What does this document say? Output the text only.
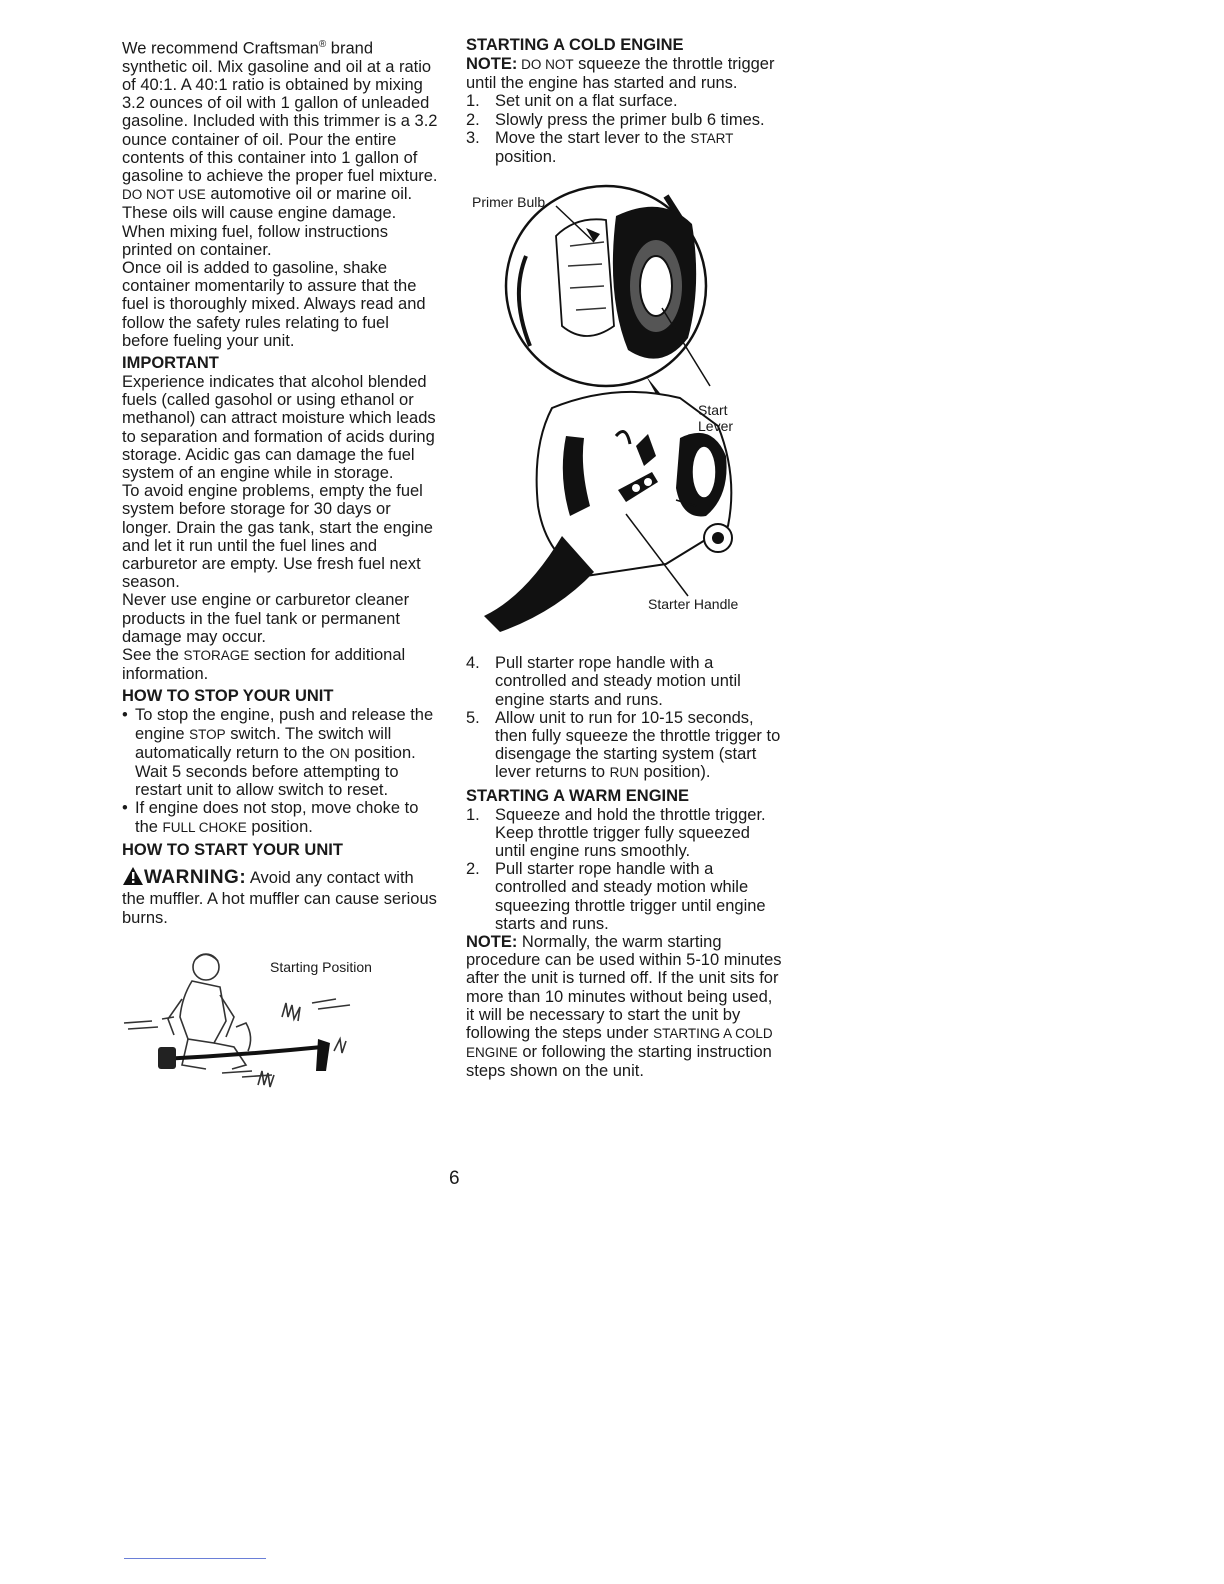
We recommend Craftsman® brand synthetic oil. Mix gasoline and oil at a ratio of 40:1. A 40:1 ratio is obtained by mixing 3.2 ounces of oil with 1 gallon of unleaded gasoline. Included with this trimmer is a 3.2 ounce container of oil. Pour the entire contents of this container into 1 gallon of gasoline to achieve the proper fuel mixture. DO NOT USE automotive oil or marine oil. These oils will cause engine damage. When mixing fuel, follow instructions printed on container.

Once oil is added to gasoline, shake container momentarily to assure that the fuel is thoroughly mixed. Always read and follow the safety rules relating to fuel before fueling your unit.

IMPORTANT

Experience indicates that alcohol blended fuels (called gasohol or using ethanol or methanol) can attract moisture which leads to separation and formation of acids during storage. Acidic gas can damage the fuel system of an engine while in storage.

To avoid engine problems, empty the fuel system before storage for 30 days or longer. Drain the gas tank, start the engine and let it run until the fuel lines and carburetor are empty. Use fresh fuel next season.

Never use engine or carburetor cleaner products in the fuel tank or permanent damage may occur.

See the STORAGE section for additional information.

HOW TO STOP YOUR UNIT
• To stop the engine, push and release the engine STOP switch. The switch will automatically return to the ON position. Wait 5 seconds before attempting to restart unit to allow switch to reset.
• If engine does not stop, move choke to the FULL CHOKE position.
HOW TO START YOUR UNIT

WARNING: Avoid any contact with the muffler. A hot muffler can cause serious burns.

Starting Position
STARTING A COLD ENGINE

NOTE: DO NOT squeeze the throttle trigger until the engine has started and runs.

1. Set unit on a flat surface.
2. Slowly press the primer bulb 6 times.
3. Move the start lever to the START position.
Primer Bulb
Start
Lever
Starter Handle
4. Pull starter rope handle with a controlled and steady motion until engine starts and runs.
5. Allow unit to run for 10-15 seconds, then fully squeeze the throttle trigger to disengage the starting system (start lever returns to RUN position).
STARTING A WARM ENGINE
1. Squeeze and hold the throttle trigger. Keep throttle trigger fully squeezed until engine runs smoothly.
2. Pull starter rope handle with a controlled and steady motion while squeezing throttle trigger until engine starts and runs.

NOTE: Normally, the warm starting procedure can be used within 5-10 minutes after the unit is turned off. If the unit sits for more than 10 minutes without being used, it will be necessary to start the unit by following the steps under STARTING A COLD ENGINE or following the starting instruction steps shown on the unit.

6
